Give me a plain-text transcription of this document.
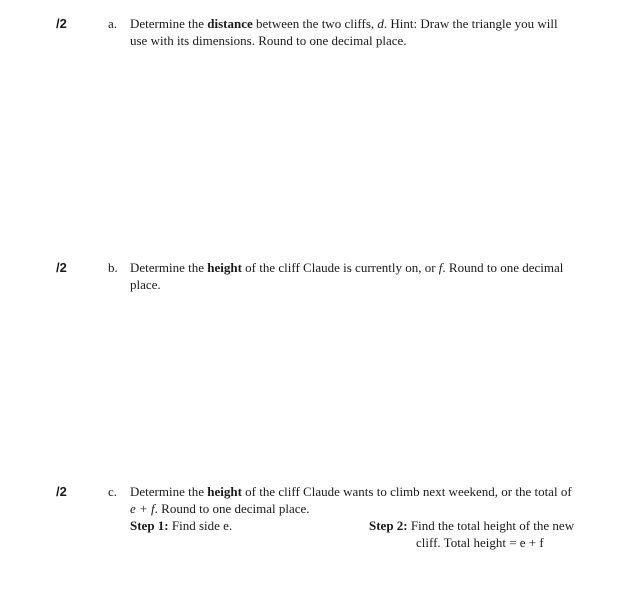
/2	a. Determine the distance between the two cliffs, d. Hint: Draw the triangle you will
use with its dimensions. Round to one decimal place.
/2	b. Determine the height of the cliff Claude is currently on, or f. Round to one decimal
place.
/2	c. Determine the height of the cliff Claude wants to climb next weekend, or the total of
e + f. Round to one decimal place.
Step 1: Find side e.	Step 2: Find the total height of the new
cliff. Total height = e + f
